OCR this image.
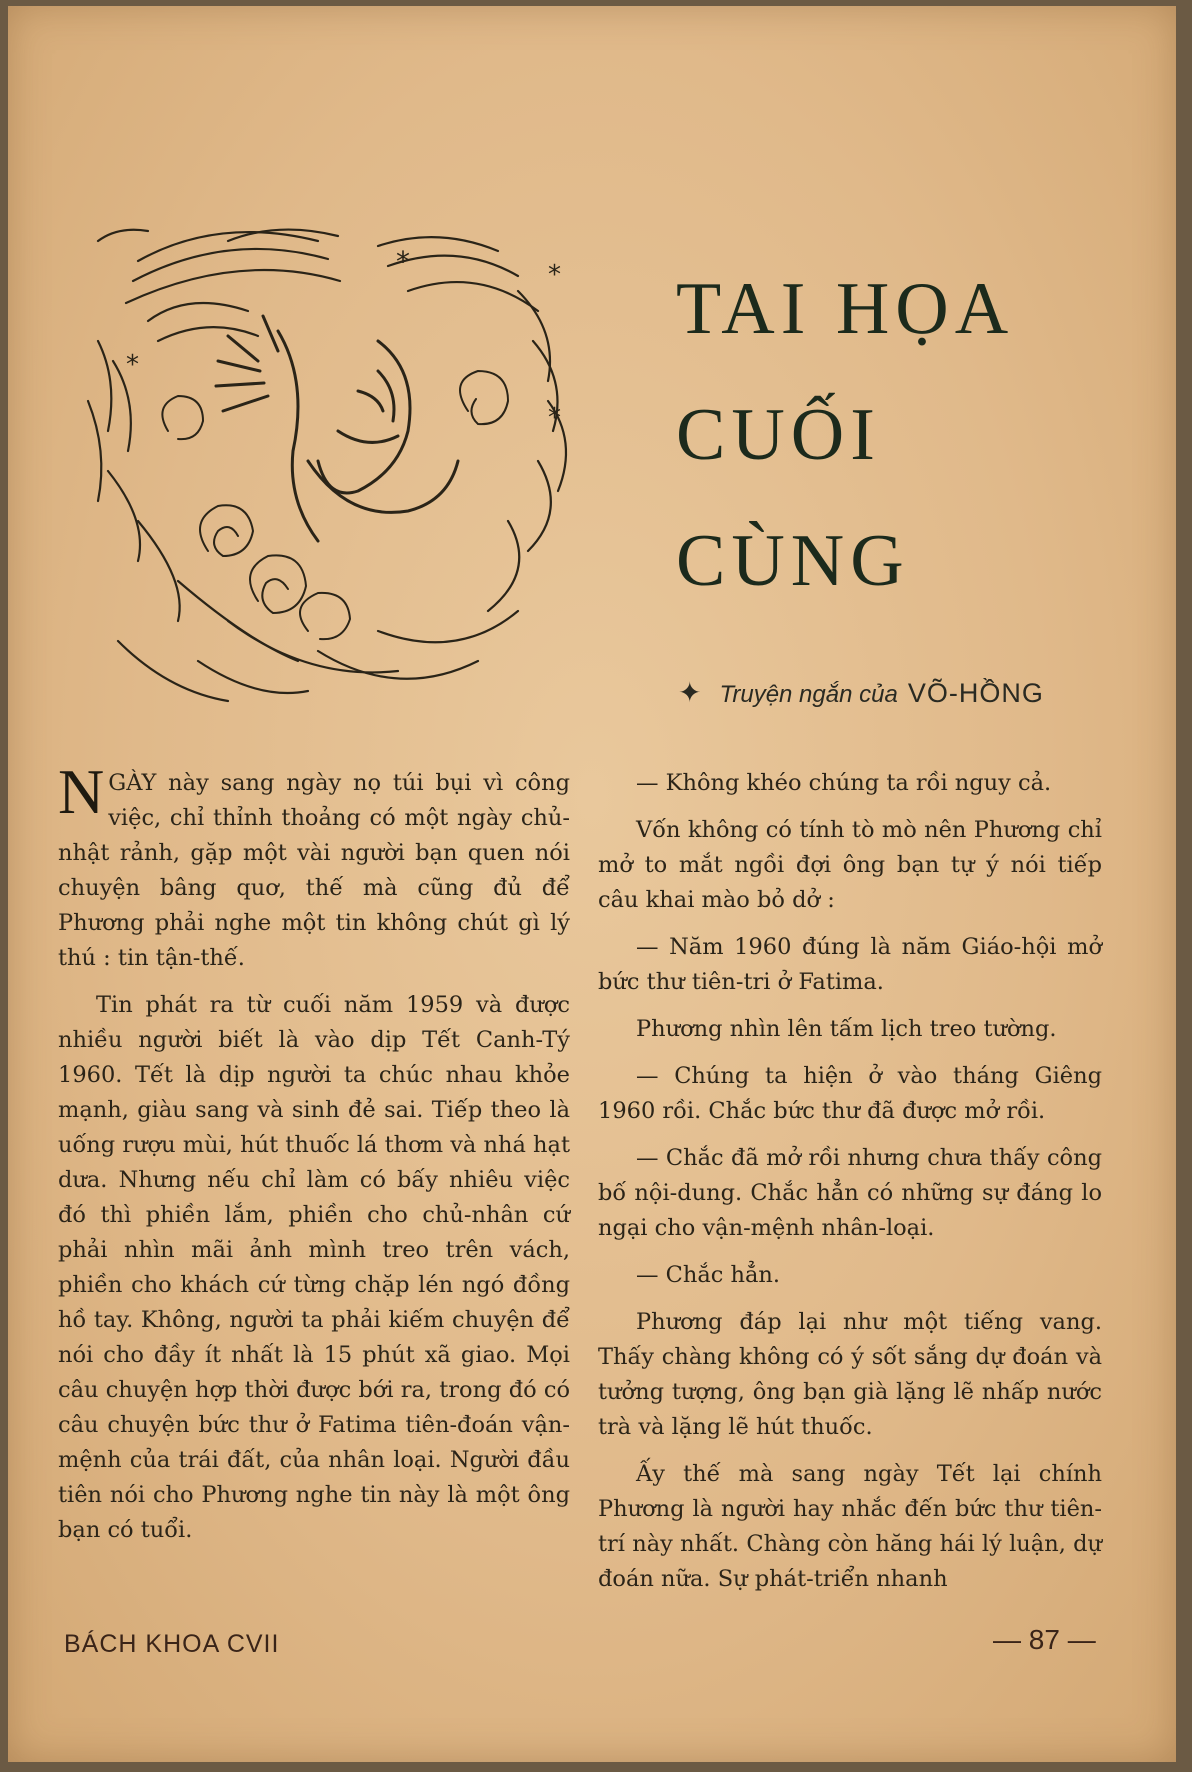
*	*
*
*
TAI HỌA
CUỐI
CÙNG
✦ Truyện ngắn của VÕ-HỒNG

NGÀY này sang ngày nọ túi bụi vì công việc, chỉ thỉnh thoảng có một ngày chủ-nhật rảnh, gặp một vài người bạn quen nói chuyện bâng quơ, thế mà cũng đủ để Phương phải nghe một tin không chút gì lý thú : tin tận-thế.

Tin phát ra từ cuối năm 1959 và được nhiều người biết là vào dịp Tết Canh-Tý 1960. Tết là dịp người ta chúc nhau khỏe mạnh, giàu sang và sinh đẻ sai. Tiếp theo là uống rượu mùi, hút thuốc lá thơm và nhá hạt dưa. Nhưng nếu chỉ làm có bấy nhiêu việc đó thì phiền lắm, phiền cho chủ-nhân cứ phải nhìn mãi ảnh mình treo trên vách, phiền cho khách cứ từng chặp lén ngó đồng hồ tay. Không, người ta phải kiếm chuyện để nói cho đầy ít nhất là 15 phút xã giao. Mọi câu chuyện hợp thời được bới ra, trong đó có câu chuyện bức thư ở Fatima tiên-đoán vận-mệnh của trái đất, của nhân loại. Người đầu tiên nói cho Phương nghe tin này là một ông bạn có tuổi.

— Không khéo chúng ta rồi nguy cả.

Vốn không có tính tò mò nên Phương chỉ mở to mắt ngồi đợi ông bạn tự ý nói tiếp câu khai mào bỏ dở :

— Năm 1960 đúng là năm Giáo-hội mở bức thư tiên-tri ở Fatima.

Phương nhìn lên tấm lịch treo tường.

— Chúng ta hiện ở vào tháng Giêng 1960 rồi. Chắc bức thư đã được mở rồi.

— Chắc đã mở rồi nhưng chưa thấy công bố nội-dung. Chắc hẳn có những sự đáng lo ngại cho vận-mệnh nhân-loại.

— Chắc hẳn.

Phương đáp lại như một tiếng vang. Thấy chàng không có ý sốt sắng dự đoán và tưởng tượng, ông bạn già lặng lẽ nhấp nước trà và lặng lẽ hút thuốc.

Ấy thế mà sang ngày Tết lại chính Phương là người hay nhắc đến bức thư tiên-trí này nhất. Chàng còn hăng hái lý luận, dự đoán nữa. Sự phát-triển nhanh

BÁCH KHOA CVII	— 87 —
